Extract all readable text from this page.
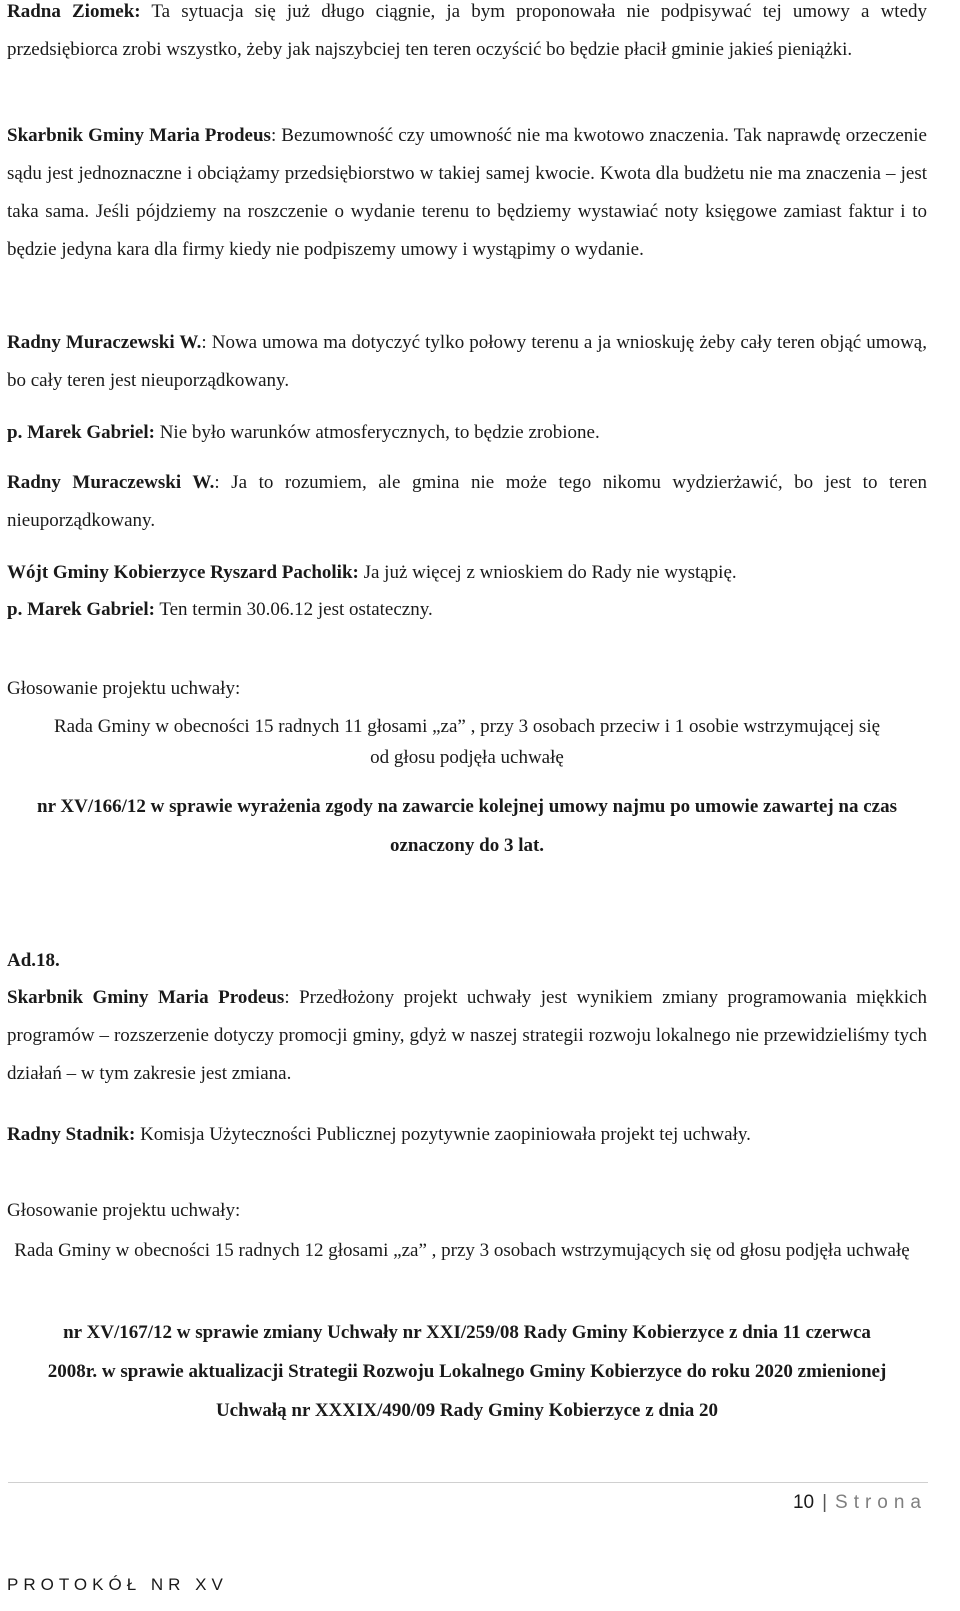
Radna Ziomek: Ta sytuacja się już długo ciągnie, ja bym proponowała nie podpisywać tej umowy a wtedy przedsiębiorca zrobi wszystko, żeby jak najszybciej ten teren oczyścić bo będzie płacił gminie jakieś pieniążki.

Skarbnik Gminy Maria Prodeus: Bezumowność czy umowność nie ma kwotowo znaczenia. Tak naprawdę orzeczenie sądu jest jednoznaczne i obciążamy przedsiębiorstwo w takiej samej kwocie. Kwota dla budżetu nie ma znaczenia – jest taka sama. Jeśli pójdziemy na roszczenie o wydanie terenu to będziemy wystawiać noty księgowe zamiast faktur i to będzie jedyna kara dla firmy kiedy nie podpiszemy umowy i wystąpimy o wydanie.

Radny Muraczewski W.: Nowa umowa ma dotyczyć tylko połowy terenu a ja wnioskuję żeby cały teren objąć umową, bo cały teren jest nieuporządkowany.

p. Marek Gabriel: Nie było warunków atmosferycznych, to będzie zrobione.

Radny Muraczewski W.: Ja to rozumiem, ale gmina nie może tego nikomu wydzierżawić, bo jest to teren nieuporządkowany.

Wójt Gminy Kobierzyce Ryszard Pacholik: Ja już więcej z wnioskiem do Rady nie wystąpię.

p. Marek Gabriel: Ten termin 30.06.12 jest ostateczny.

Głosowanie projektu uchwały:

Rada Gminy w obecności 15 radnych 11 głosami „za” , przy 3 osobach przeciw i 1 osobie wstrzymującej się od głosu podjęła uchwałę

nr XV/166/12 w sprawie wyrażenia zgody na zawarcie kolejnej umowy najmu po umowie zawartej na czas oznaczony do 3 lat.

Ad.18.

Skarbnik Gminy Maria Prodeus: Przedłożony projekt uchwały jest wynikiem zmiany programowania miękkich programów – rozszerzenie dotyczy promocji gminy, gdyż w naszej strategii rozwoju lokalnego nie przewidzieliśmy tych działań – w tym zakresie jest zmiana.

Radny Stadnik: Komisja Użyteczności Publicznej pozytywnie zaopiniowała projekt tej uchwały.

Głosowanie projektu uchwały:

Rada Gminy w obecności 15 radnych 12 głosami „za” , przy 3 osobach wstrzymujących się od głosu podjęła uchwałę

nr XV/167/12 w sprawie zmiany Uchwały nr XXI/259/08 Rady Gminy Kobierzyce z dnia 11 czerwca 2008r. w sprawie aktualizacji Strategii Rozwoju Lokalnego Gminy Kobierzyce do roku 2020 zmienionej Uchwałą nr XXXIX/490/09 Rady Gminy Kobierzyce z dnia 20

10 | Strona
PROTOKÓŁ NR XV
